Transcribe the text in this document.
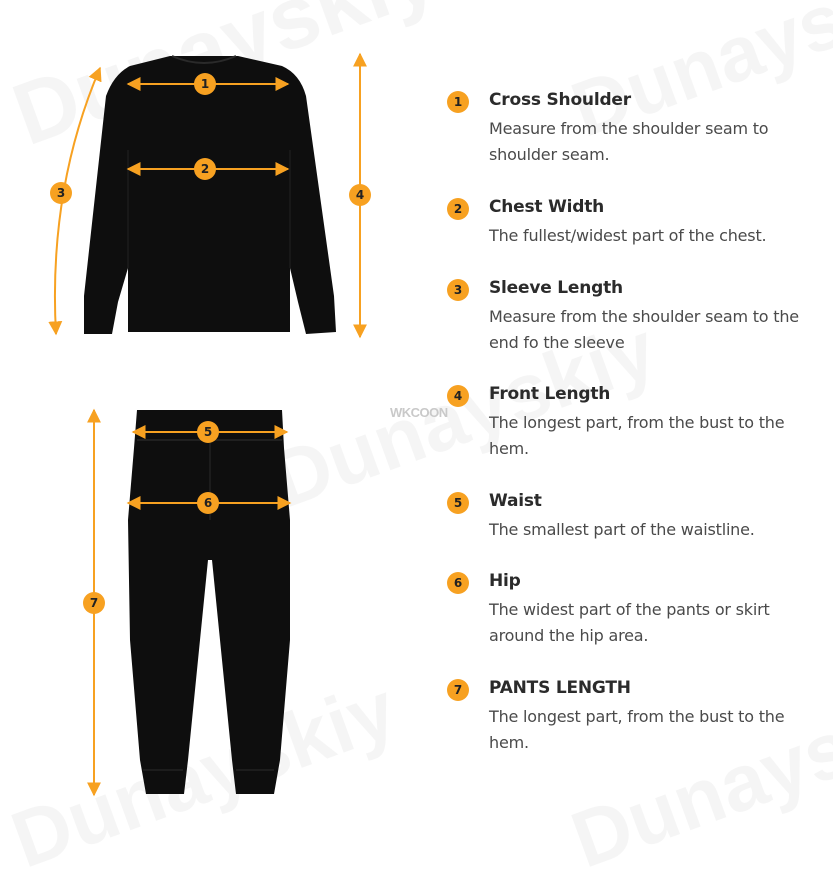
1
2
3	4
5
6
7
WKCOON
1	Cross Shoulder
Measure from the shoulder seam to shoulder seam.
2	Chest Width
The fullest/widest part of the chest.
3	Sleeve Length
Measure from the shoulder seam to the end fo the sleeve
4	Front Length
The longest part, from the bust to the hem.
5	Waist
The smallest part of the waistline.
6	Hip
The widest part of the pants or skirt around the hip area.
7	PANTS LENGTH
The longest part, from the bust to the hem.
